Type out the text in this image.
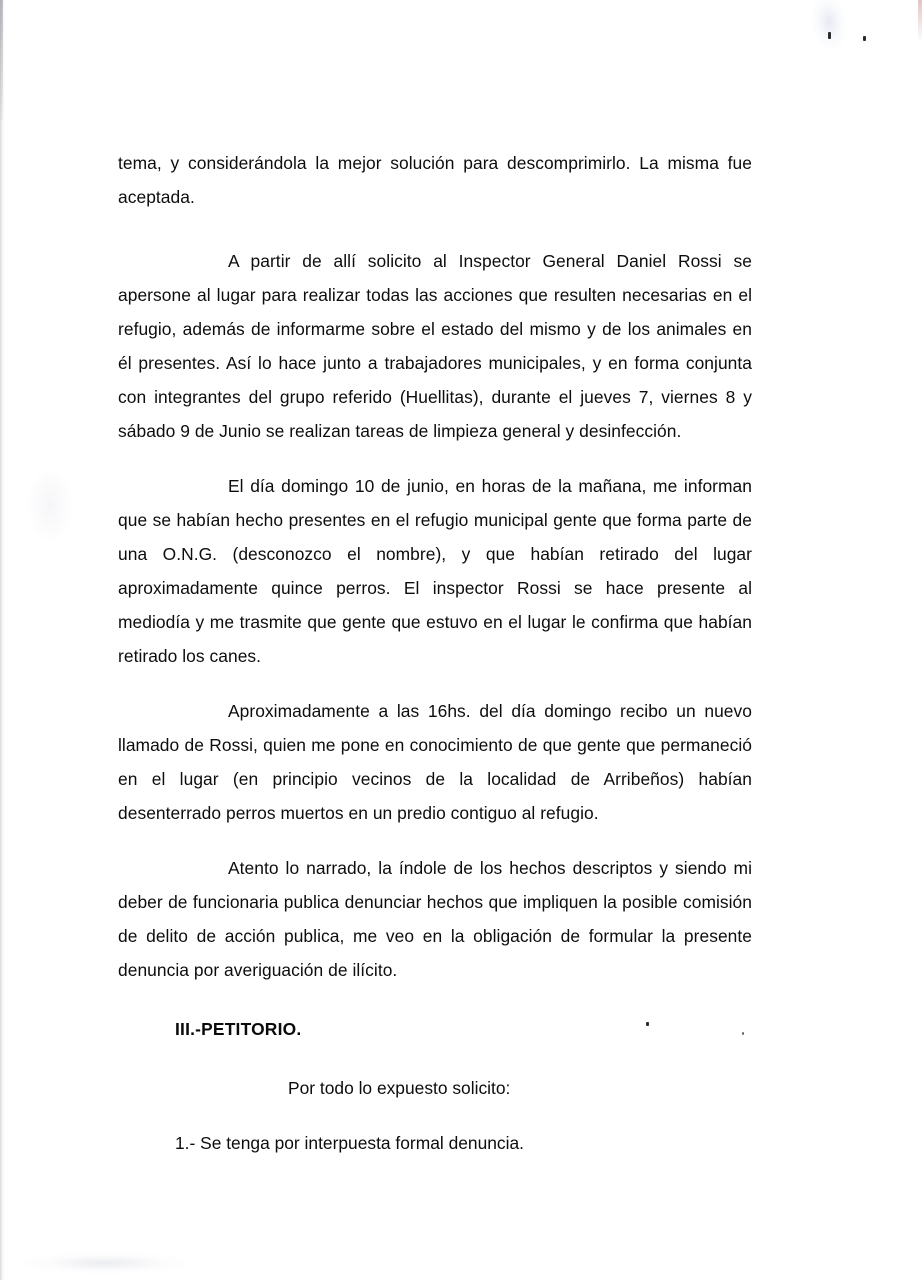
tema, y considerándola la mejor solución para descomprimirlo. La misma fue aceptada.

A partir de allí solicito al Inspector General Daniel Rossi se apersone al lugar para realizar todas las acciones que resulten necesarias en el refugio, además de informarme sobre el estado del mismo y de los animales en él presentes. Así lo hace junto a trabajadores municipales, y en forma conjunta con integrantes del grupo referido (Huellitas), durante el jueves 7, viernes 8 y sábado 9 de Junio se realizan tareas de limpieza general y desinfección.

El día domingo 10 de junio, en horas de la mañana, me informan que se habían hecho presentes en el refugio municipal gente que forma parte de una O.N.G. (desconozco el nombre), y que habían retirado del lugar aproximadamente quince perros. El inspector Rossi se hace presente al mediodía y me trasmite que gente que estuvo en el lugar le confirma que habían retirado los canes.

Aproximadamente a las 16hs. del día domingo recibo un nuevo llamado de Rossi, quien me pone en conocimiento de que gente que permaneció en el lugar (en principio vecinos de la localidad de Arribeños) habían desenterrado perros muertos en un predio contiguo al refugio.

Atento lo narrado, la índole de los hechos descriptos y siendo mi deber de funcionaria publica denunciar hechos que impliquen la posible comisión de delito de acción publica, me veo en la obligación de formular la presente denuncia por averiguación de ilícito.

III.-PETITORIO.

Por todo lo expuesto solicito:

1.- Se tenga por interpuesta formal denuncia.
